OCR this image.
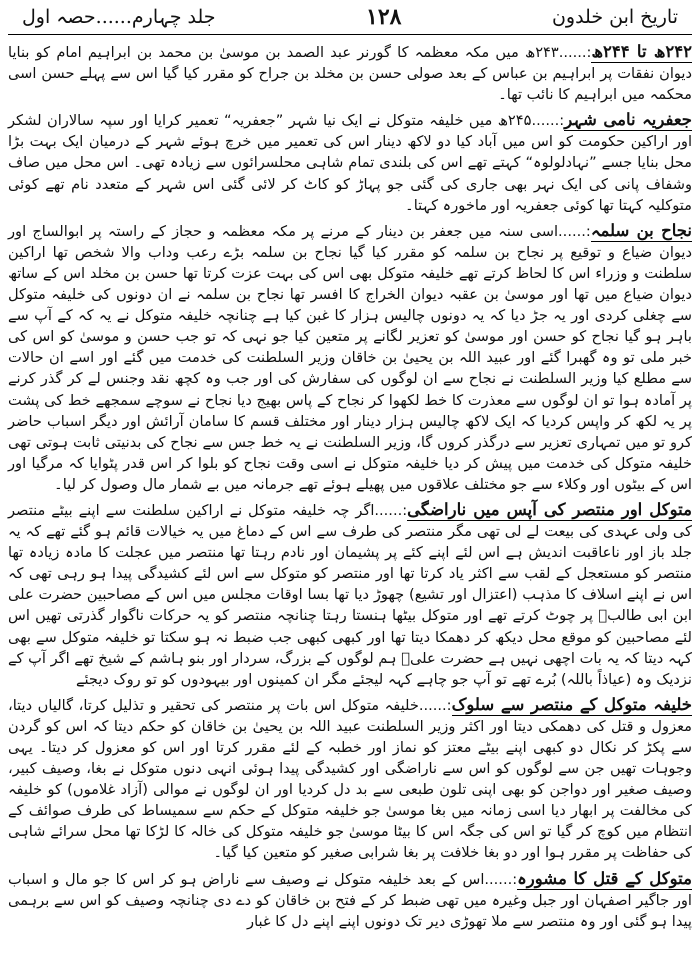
تاریخ ابن خلدون
۱۲۸
جلد چہارم......حصہ اول

۲۴۲ھ تا ۲۴۴ھ:......۲۴۳ھ میں مکہ معظمہ کا گورنر عبد الصمد بن موسیٰ بن محمد بن ابراہیم امام کو بنایا دیوان نفقات پر ابراہیم بن عباس کے بعد صولی حسن بن مخلد بن جراح کو مقرر کیا گیا اس سے پہلے حسن اسی محکمہ میں ابراہیم کا نائب تھا۔

جعفریہ نامی شہر:......۲۴۵ھ میں خلیفہ متوکل نے ایک نیا شہر ”جعفریہ“ تعمیر کرایا اور سپہ سالاران لشکر اور اراکین حکومت کو اس میں آباد کیا دو لاکھ دینار اس کی تعمیر میں خرچ ہوئے شہر کے درمیان ایک بہت بڑا محل بنایا جسے ”نہادلولوہ“ کہتے تھے اس کی بلندی تمام شاہی محلسرائوں سے زیادہ تھی۔ اس محل میں صاف وشفاف پانی کی ایک نہر بھی جاری کی گئی جو پہاڑ کو کاٹ کر لائی گئی اس شہر کے متعدد نام تھے کوئی متوکلیہ کہتا تھا کوئی جعفریہ اور ماخورہ کہتا۔

نجاح بن سلمہ:......اسی سنہ میں جعفر بن دینار کے مرنے پر مکہ معظمہ و حجاز کے راستہ پر ابوالساج اور دیوان ضیاع و توقیع پر نجاح بن سلمہ کو مقرر کیا گیا نجاح بن سلمہ بڑے رعب وداب والا شخص تھا اراکین سلطنت و وزراء اس کا لحاظ کرتے تھے خلیفہ متوکل بھی اس کی بہت عزت کرتا تھا حسن بن مخلد اس کے ساتھ دیوان ضیاع میں تھا اور موسیٰ بن عقبہ دیوان الخراج کا افسر تھا نجاح بن سلمہ نے ان دونوں کی خلیفہ متوکل سے چغلی کردی اور یہ جڑ دیا کہ یہ دونوں چالیس ہزار کا غبن کیا ہے چنانچہ خلیفہ متوکل نے یہ کہ کے آپ سے باہر ہو گیا نجاح کو حسن اور موسیٰ کو تعزیر لگانے پر متعین کیا جو نہی کہ تو جب حسن و موسیٰ کو اس کی خبر ملی تو وہ گھبرا گئے اور عبید اللہ بن یحییٰ بن خاقان وزیر السلطنت کی خدمت میں گئے اور اسے ان حالات سے مطلع کیا وزیر السلطنت نے نجاح سے ان لوگوں کی سفارش کی اور جب وہ کچھ نقد وجنس لے کر گذر کرنے پر آمادہ ہوا تو ان لوگوں سے معذرت کا خط لکھوا کر نجاح کے پاس بھیج دیا نجاح نے سوچے سمجھے خط کی پشت پر یہ لکھ کر واپس کردیا کہ ایک لاکھ چالیس ہزار دینار اور مختلف قسم کا سامان آرائش اور دیگر اسباب حاضر کرو تو میں تمہاری تعزیر سے درگذر کروں گا، وزیر السلطنت نے یہ خط جس سے نجاح کی بدنیتی ثابت ہوتی تھی خلیفہ متوکل کی خدمت میں پیش کر دیا خلیفہ متوکل نے اسی وقت نجاح کو بلوا کر اس قدر پٹوایا کہ مرگیا اور اس کے بیٹوں اور وکلاء سے جو مختلف علاقوں میں پھیلے ہوئے تھے جرمانہ میں بے شمار مال وصول کر لیا۔

متوکل اور منتصر کی آپس میں ناراضگی:......اگر چہ خلیفہ متوکل نے اراکین سلطنت سے اپنے بیٹے منتصر کی ولی عہدی کی بیعت لے لی تھی مگر منتصر کی طرف سے اس کے دماغ میں یہ خیالات قائم ہو گئے تھے کہ یہ جلد باز اور ناعاقبت اندیش ہے اس لئے اپنے کئے پر پشیمان اور نادم رہتا تھا منتصر میں عجلت کا مادہ زیادہ تھا منتصر کو مستعجل کے لقب سے اکثر یاد کرتا تھا اور منتصر کو متوکل سے اس لئے کشیدگی پیدا ہو رہی تھی کہ اس نے اپنے اسلاف کا مذہب (اعتزال اور تشیع) چھوڑ دیا تھا بسا اوقات مجلس میں اس کے مصاحبین حضرت علی ابن ابی طالبؓ پر چوٹ کرتے تھے اور متوکل بیٹھا ہنستا رہتا چنانچہ منتصر کو یہ حرکات ناگوار گذرتی تھیں اس لئے مصاحبین کو موقع محل دیکھ کر دھمکا دیتا تھا اور کبھی کبھی جب ضبط نہ ہو سکتا تو خلیفہ متوکل سے بھی کہہ دیتا کہ یہ بات اچھی نہیں ہے حضرت علیؓ ہم لوگوں کے بزرگ، سردار اور بنو ہاشم کے شیخ تھے اگر آپ کے نزدیک وہ (عیاذاً باللہ) بُرے تھے تو آپ جو چاہے کہہ لیجئے مگر ان کمینوں اور بیہودوں کو تو روک دیجئے

خلیفہ متوکل کے منتصر سے سلوک:......خلیفہ متوکل اس بات پر منتصر کی تحقیر و تذلیل کرتا، گالیاں دیتا، معزول و قتل کی دھمکی دیتا اور اکثر وزیر السلطنت عبید اللہ بن یحییٰ بن خاقان کو حکم دیتا کہ اس کو گردن سے پکڑ کر نکال دو کبھی اپنے بیٹے معتز کو نماز اور خطبہ کے لئے مقرر کرتا اور اس کو معزول کر دیتا۔ یہی وجوہات تھیں جن سے لوگوں کو اس سے ناراضگی اور کشیدگی پیدا ہوئی انہی دنوں متوکل نے بغا، وصیف کبیر، وصیف صغیر اور دواجن کو بھی اپنی تلون طبعی سے بد دل کردیا اور ان لوگوں نے موالی (آزاد غلاموں) کو خلیفہ کی مخالفت پر ابھار دیا اسی زمانہ میں بغا موسیٰ جو خلیفہ متوکل کے حکم سے سمیساط کی طرف صوائف کے انتظام میں کوچ کر گیا تو اس کی جگہ اس کا بیٹا موسیٰ جو خلیفہ متوکل کی خالہ کا لڑکا تھا محل سرائے شاہی کی حفاظت پر مقرر ہوا اور دو بغا خلافت پر بغا شرابی صغیر کو متعین کیا گیا۔

متوکل کے قتل کا مشورہ:......اس کے بعد خلیفہ متوکل نے وصیف سے ناراض ہو کر اس کا جو مال و اسباب اور جاگیر اصفہان اور جبل وغیرہ میں تھی ضبط کر کے فتح بن خاقان کو دے دی چنانچہ وصیف کو اس سے برہمی پیدا ہو گئی اور وہ منتصر سے ملا تھوڑی دیر تک دونوں اپنے اپنے دل کا غبار
